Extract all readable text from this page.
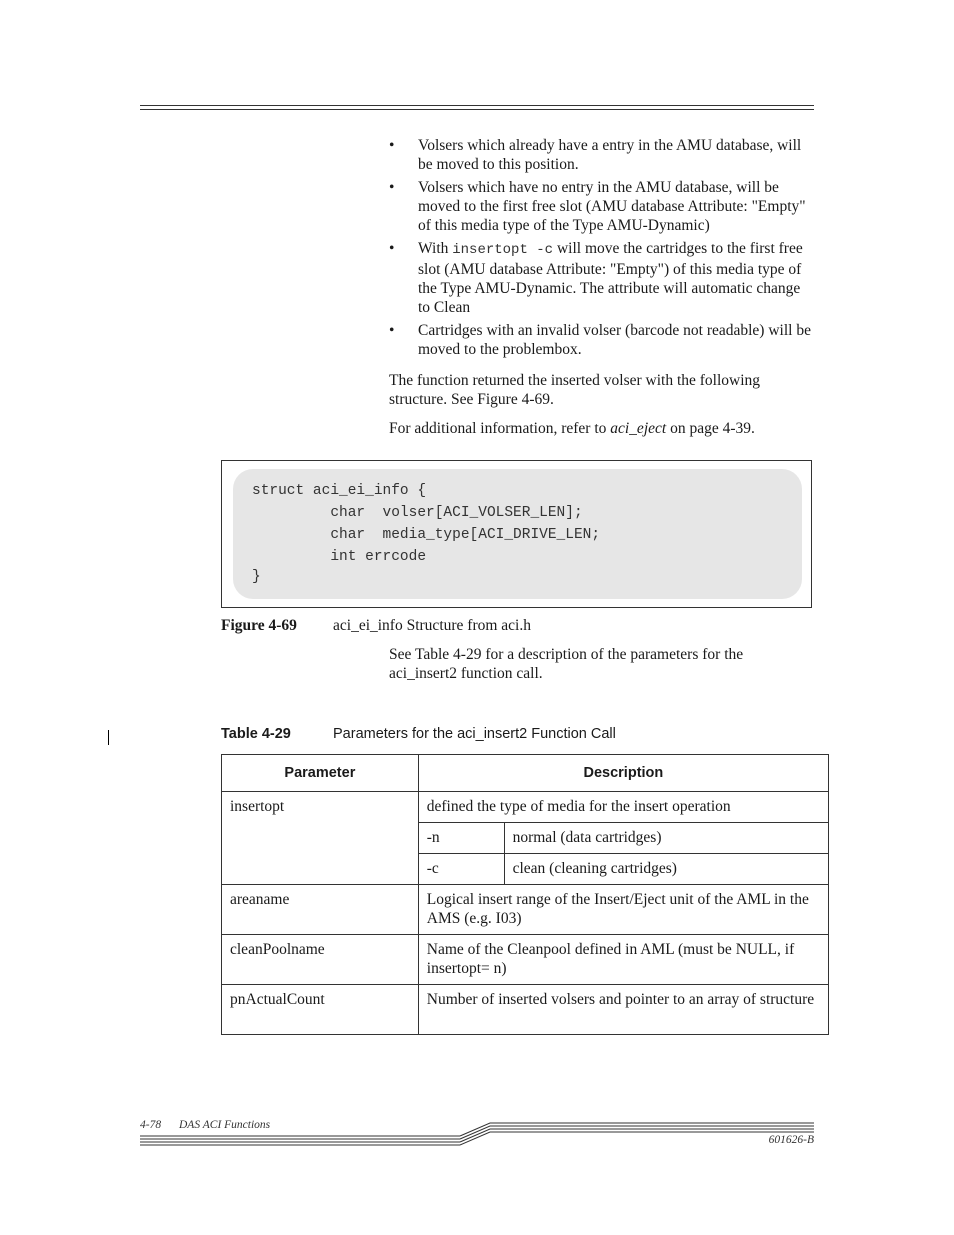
• Volsers which already have a entry in the AMU database, will be moved to this position.
• Volsers which have no entry in the AMU database, will be moved to the first free slot (AMU database Attribute: "Empty" of this media type of the Type AMU-Dynamic)
• With insertopt -c will move the cartridges to the first free slot (AMU database Attribute: "Empty") of this media type of the Type AMU-Dynamic. The attribute will automatic change to Clean
• Cartridges with an invalid volser (barcode not readable) will be moved to the problembox.

The function returned the inserted volser with the following structure. See Figure 4-69.

For additional information, refer to aci_eject on page 4-39.

struct aci_ei_info {
char  volser[ACI_VOLSER_LEN];
char  media_type[ACI_DRIVE_LEN;
int errcode
}
Figure 4-69 aci_ei_info Structure from aci.h
See Table 4-29 for a description of the parameters for the aci_insert2 function call.
Table 4-29	Parameters for the aci_insert2 Function Call
Parameter	Description	
insertopt	defined the type of media for the insert operation	
	-n	normal (data cartridges)
	-c	clean (cleaning cartridges)
areaname	Logical insert range of the Insert/Eject unit of the AML in the AMS (e.g. I03)	
cleanPoolname	Name of the Cleanpool defined in AML (must be NULL, if insertopt= n)	
pnActualCount	Number of inserted volsers and pointer to an array of structure	
4-78 DAS ACI Functions
601626-B
